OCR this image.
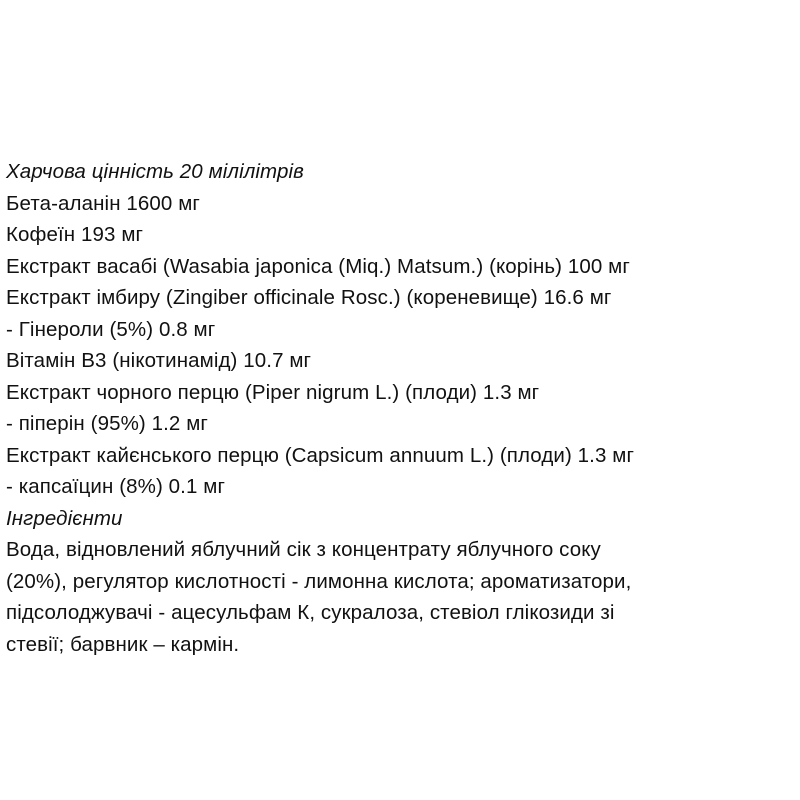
Харчова цінність 20 мілілітрів
Бета-аланін 1600 мг
Кофеїн 193 мг
Екстракт васабі (Wasabia japonica (Miq.) Matsum.) (корінь) 100 мг
Екстракт імбиру (Zingiber officinale Rosc.) (кореневище) 16.6 мг
- Гінероли (5%) 0.8 мг
Вітамін B3 (нікотинамід) 10.7 мг
Екстракт чорного перцю (Piper nigrum L.) (плоди) 1.3 мг
- піперін (95%) 1.2 мг
Екстракт кайєнського перцю (Capsicum annuum L.) (плоди) 1.3 мг
- капсаїцин (8%) 0.1 мг
Інгредієнти
Вода, відновлений яблучний сік з концентрату яблучного соку
(20%), регулятор кислотності - лимонна кислота; ароматизатори,
підсолоджувачі - ацесульфам К, сукралоза, стевіол глікозиди зі
стевії; барвник – кармін.
